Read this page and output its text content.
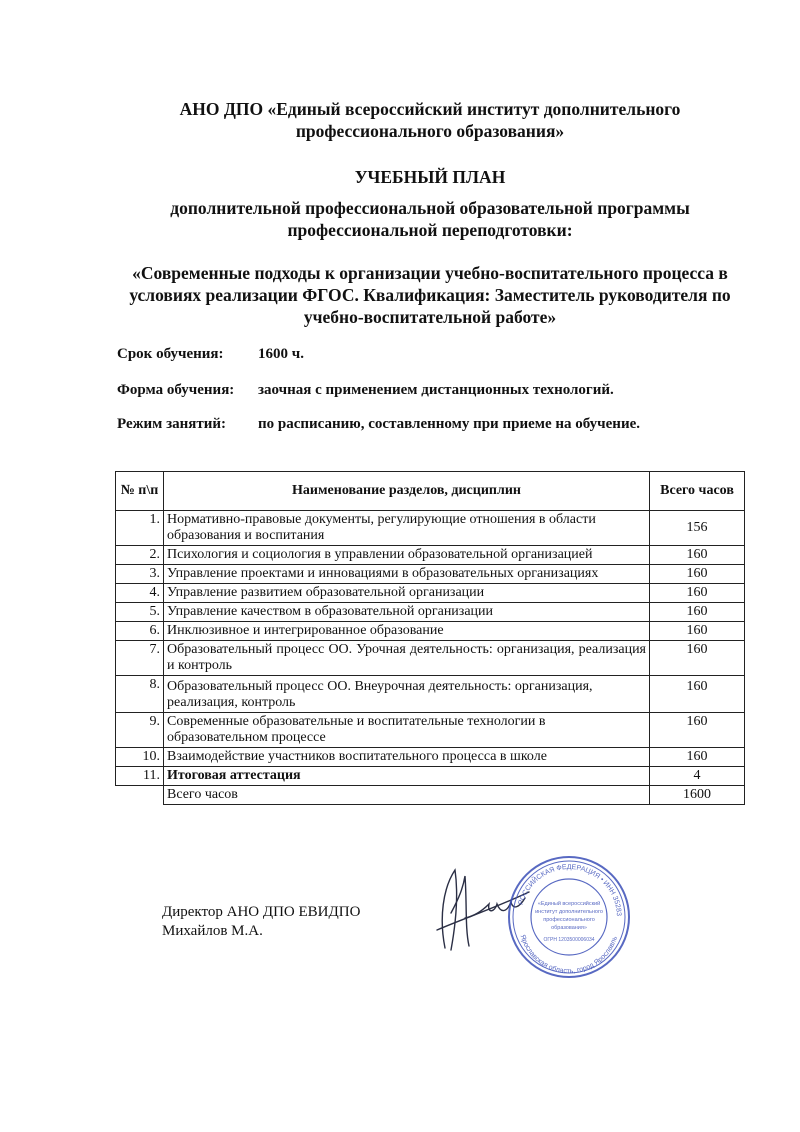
АНО ДПО «Единый всероссийский институт дополнительного профессионального образования»
УЧЕБНЫЙ ПЛАН
дополнительной профессиональной образовательной программы профессиональной переподготовки:
«Современные подходы к организации учебно-воспитательного процесса в условиях реализации ФГОС. Квалификация: Заместитель руководителя по учебно-воспитательной работе»
Срок обучения: 1600 ч.
Форма обучения: заочная с применением дистанционных технологий.
Режим занятий: по расписанию, составленному при приеме на обучение.
№ п\п	Наименование разделов, дисциплин	Всего часов
1.	Нормативно-правовые документы, регулирующие отношения в области образования и воспитания	156
2.	Психология и социология в управлении образовательной организацией	160
3.	Управление проектами и инновациями в образовательных организациях	160
4.	Управление развитием образовательной организации	160
5.	Управление качеством в образовательной организации	160
6.	Инклюзивное и интегрированное образование	160
7.	Образовательный процесс ОО. Урочная деятельность: организация, реализация и контроль	160
8.	Образовательный процесс ОО. Внеурочная деятельность: организация, реализация, контроль	160
9.	Современные образовательные и воспитательные технологии в образовательном процессе	160
10.	Взаимодействие участников воспитательного процесса в школе	160
11.	Итоговая аттестация	4
	Всего часов	1600
Директор АНО ДПО ЕВИДПО
Михайлов М.А.
РОССИЙСКАЯ ФЕДЕРАЦИЯ • ИНН 35283
Ярославская область, город Ярославль
«Единый всероссийский
институт дополнительного
профессионального
образования»
ОГРН 1203500006034
